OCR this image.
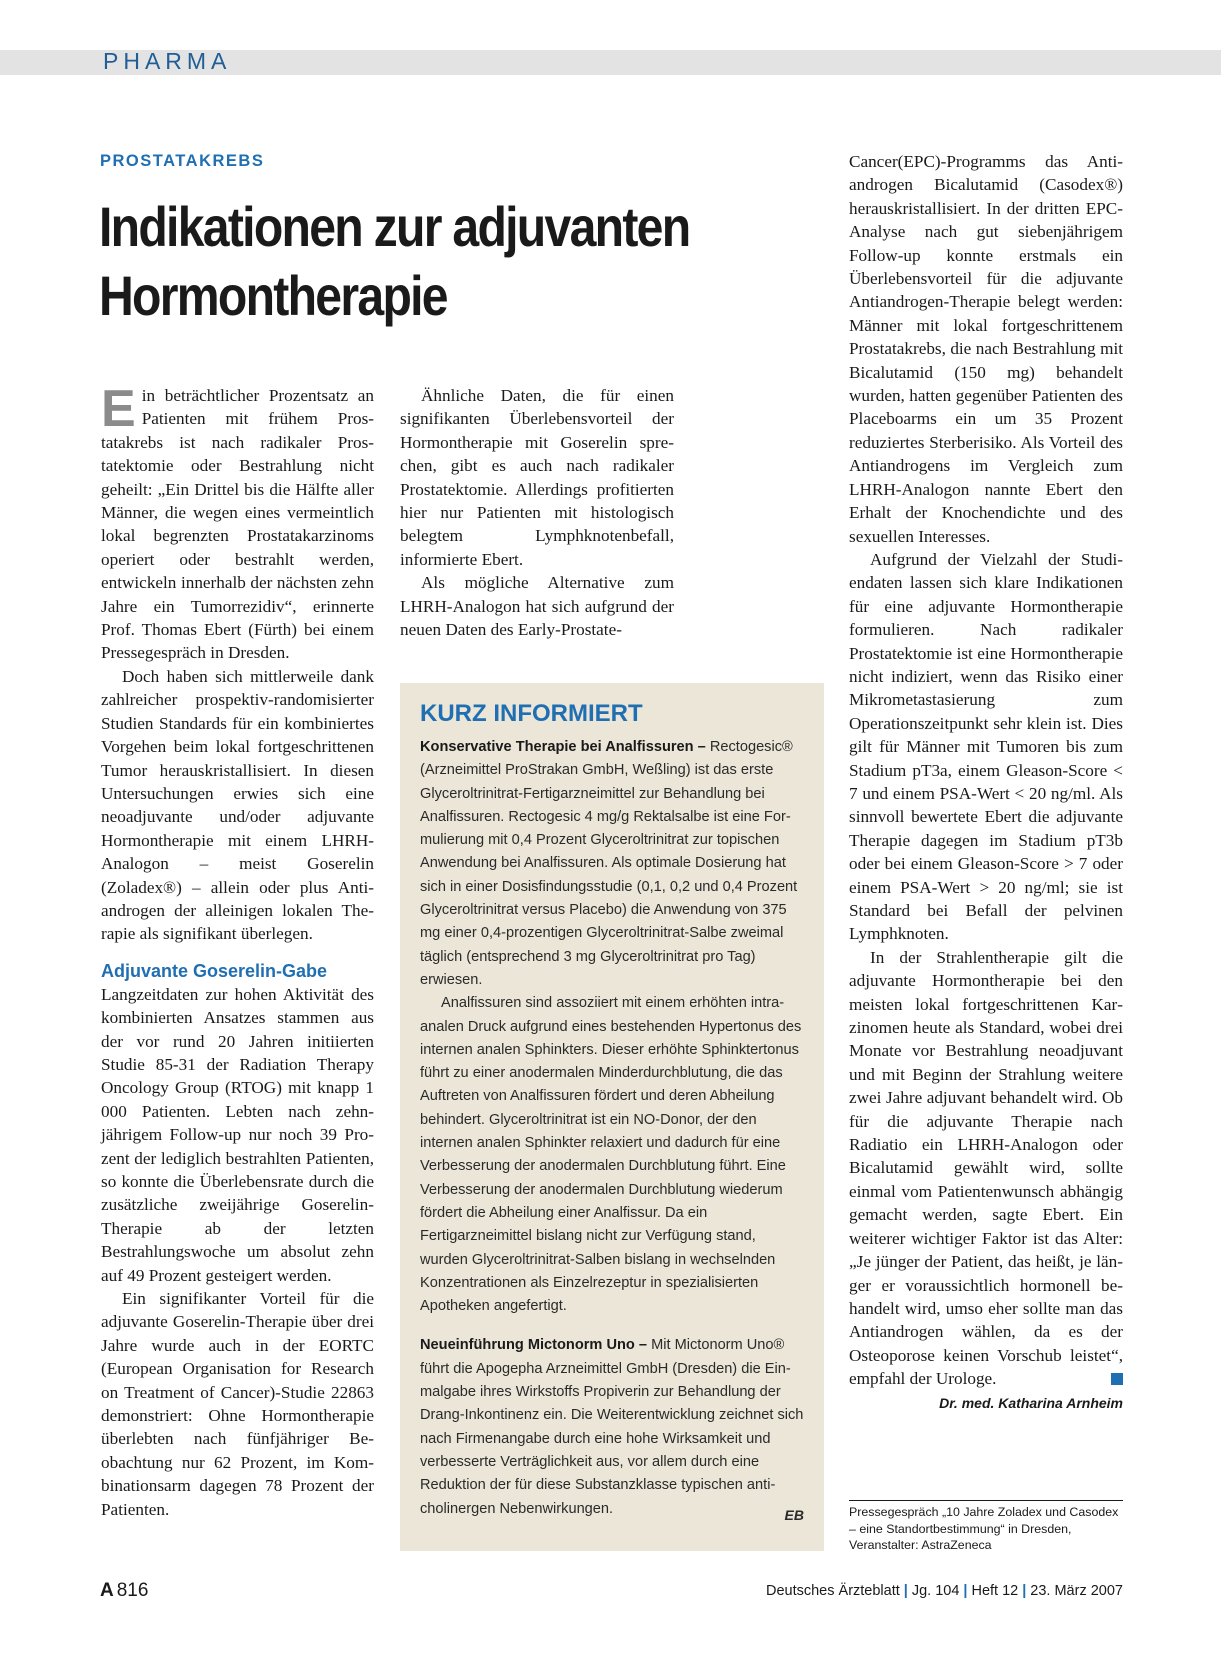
PHARMA
PROSTATAKREBS
Indikationen zur adjuvanten Hormontherapie

Ein beträchtlicher Prozentsatz an Patienten mit frühem Prostatakrebs ist nach radikaler Prostatektomie oder Bestrahlung nicht geheilt: „Ein Drittel bis die Hälfte aller Männer, die wegen eines vermeintlich lokal begrenzten Prostatakarzinoms operiert oder bestrahlt werden, entwickeln innerhalb der nächsten zehn Jahre ein Tumorrezidiv“, erinnerte Prof. Thomas Ebert (Fürth) bei einem Pressegespräch in Dresden.

Doch haben sich mittlerweile dank zahlreicher prospektiv-randomisierter Studien Standards für ein kombiniertes Vorgehen beim lokal fortgeschrittenen Tumor herauskristallisiert. In diesen Untersuchungen erwies sich eine neoadjuvante und/oder adjuvante Hormontherapie mit einem LHRH-Analogon – meist Goserelin (Zoladex®) – allein oder plus Antiandrogen der alleinigen lokalen Therapie als signifikant überlegen.

Adjuvante Goserelin-Gabe

Langzeitdaten zur hohen Aktivität des kombinierten Ansatzes stammen aus der vor rund 20 Jahren initiierten Studie 85-31 der Radiation Therapy Oncology Group (RTOG) mit knapp 1 000 Patienten. Lebten nach zehnjährigem Follow-up nur noch 39 Prozent der lediglich bestrahlten Patienten, so konnte die Überlebensrate durch die zusätzliche zweijährige Goserelin-Therapie ab der letzten Bestrahlungswoche um absolut zehn auf 49 Prozent gesteigert werden.

Ein signifikanter Vorteil für die adjuvante Goserelin-Therapie über drei Jahre wurde auch in der EORTC (European Organisation for Research on Treatment of Cancer)-Studie 22863 demonstriert: Ohne Hormontherapie überlebten nach fünfjähriger Beobachtung nur 62 Prozent, im Kombinationsarm dagegen 78 Prozent der Patienten.

Ähnliche Daten, die für einen signifikanten Überlebensvorteil der Hormontherapie mit Goserelin sprechen, gibt es auch nach radikaler Prostatektomie. Allerdings profitierten hier nur Patienten mit histologisch belegtem Lymphknotenbefall, informierte Ebert.

Als mögliche Alternative zum LHRH-Analogon hat sich aufgrund der neuen Daten des Early-Prostate-

KURZ INFORMIERT

Konservative Therapie bei Analfissuren – Rectogesic® (Arzneimittel ProStrakan GmbH, Weßling) ist das erste Glyceroltrinitrat-Fertigarzneimittel zur Behandlung bei Analfissuren. Rectogesic 4 mg/g Rektalsalbe ist eine Formulierung mit 0,4 Prozent Glyceroltrinitrat zur topischen Anwendung bei Analfissuren. Als optimale Dosierung hat sich in einer Dosisfindungsstudie (0,1, 0,2 und 0,4 Prozent Glyceroltrinitrat versus Placebo) die Anwendung von 375 mg einer 0,4-prozentigen Glyceroltrinitrat-Salbe zweimal täglich (entsprechend 3 mg Glyceroltrinitrat pro Tag) erwiesen.

Analfissuren sind assoziiert mit einem erhöhten intraanalen Druck aufgrund eines bestehenden Hypertonus des internen analen Sphinkters. Dieser erhöhte Sphinktertonus führt zu einer anodermalen Minderdurchblutung, die das Auftreten von Analfissuren fördert und deren Abheilung behindert. Glyceroltrinitrat ist ein NO-Donor, der den internen analen Sphinkter relaxiert und dadurch für eine Verbesserung der anodermalen Durchblutung führt. Eine Verbesserung der anodermalen Durchblutung wiederum fördert die Abheilung einer Analfissur. Da ein Fertigarzneimittel bislang nicht zur Verfügung stand, wurden Glyceroltrinitrat-Salben bislang in wechselnden Konzentrationen als Einzelrezeptur in spezialisierten Apotheken angefertigt.

Neueinführung Mictonorm Uno – Mit Mictonorm Uno® führt die Apogepha Arzneimittel GmbH (Dresden) die Einmalgabe ihres Wirkstoffs Propiverin zur Behandlung der Drang-Inkontinenz ein. Die Weiterentwicklung zeichnet sich nach Firmenangabe durch eine hohe Wirksamkeit und verbesserte Verträglichkeit aus, vor allem durch eine Reduktion der für diese Substanzklasse typischen anticholinergen Nebenwirkungen.	EB

Cancer(EPC)-Programms das Antiandrogen Bicalutamid (Casodex®) herauskristallisiert. In der dritten EPC-Analyse nach gut siebenjährigem Follow-up konnte erstmals ein Überlebensvorteil für die adjuvante Antiandrogen-Therapie belegt werden: Männer mit lokal fortgeschrittenem Prostatakrebs, die nach Bestrahlung mit Bicalutamid (150 mg) behandelt wurden, hatten gegenüber Patienten des Placeboarms ein um 35 Prozent reduziertes Sterberisiko. Als Vorteil des Antiandrogens im Vergleich zum LHRH-Analogon nannte Ebert den Erhalt der Knochendichte und des sexuellen Interesses.

Aufgrund der Vielzahl der Studiendaten lassen sich klare Indikationen für eine adjuvante Hormontherapie formulieren. Nach radikaler Prostatektomie ist eine Hormontherapie nicht indiziert, wenn das Risiko einer Mikrometastasierung zum Operationszeitpunkt sehr klein ist. Dies gilt für Männer mit Tumoren bis zum Stadium pT3a, einem Gleason-Score < 7 und einem PSA-Wert < 20 ng/ml. Als sinnvoll bewertete Ebert die adjuvante Therapie dagegen im Stadium pT3b oder bei einem Gleason-Score > 7 oder einem PSA-Wert > 20 ng/ml; sie ist Standard bei Befall der pelvinen Lymphknoten.

In der Strahlentherapie gilt die adjuvante Hormontherapie bei den meisten lokal fortgeschrittenen Karzinomen heute als Standard, wobei drei Monate vor Bestrahlung neoadjuvant und mit Beginn der Strahlung weitere zwei Jahre adjuvant behandelt wird. Ob für die adjuvante Therapie nach Radiatio ein LHRH-Analogon oder Bicalutamid gewählt wird, sollte einmal vom Patientenwunsch abhängig gemacht werden, sagte Ebert. Ein weiterer wichtiger Faktor ist das Alter: „Je jünger der Patient, das heißt, je länger er voraussichtlich hormonell behandelt wird, umso eher sollte man das Antiandrogen wählen, da es der Osteoporose keinen Vorschub leistet“, empfahl der Urologe.

Dr. med. Katharina Arnheim
Pressegespräch „10 Jahre Zoladex und Casodex – eine Standortbestimmung“ in Dresden, Veranstalter: AstraZeneca
A 816	Deutsches Ärzteblatt | Jg. 104 | Heft 12 | 23. März 2007
